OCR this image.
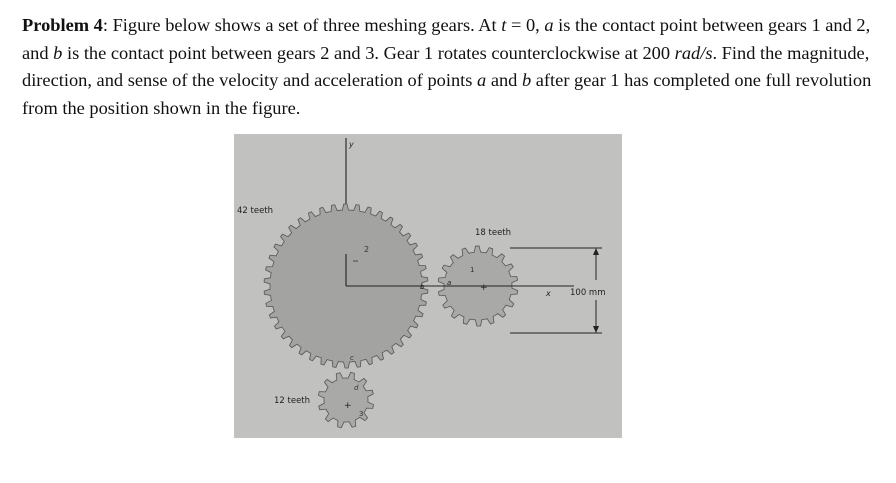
Problem 4: Figure below shows a set of three meshing gears. At t = 0, a is the contact point between gears 1 and 2, and b is the contact point between gears 2 and 3. Gear 1 rotates counterclockwise at 200 rad/s. Find the magnitude, direction, and sense of the velocity and acceleration of points a and b after gear 1 has completed one full revolution from the position shown in the figure.

y
2
+
1
b	a
c
d
+
3
x 100 mm
42 teeth
18 teeth
12 teeth
